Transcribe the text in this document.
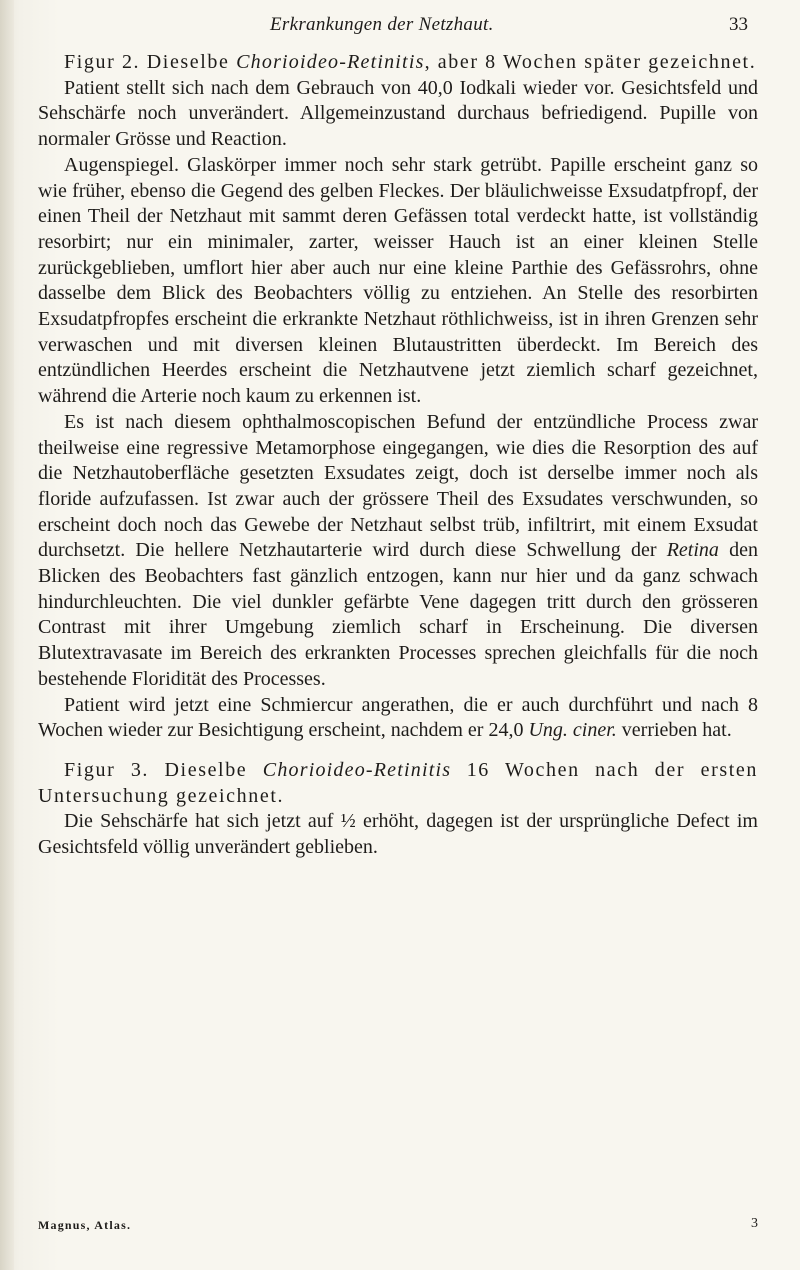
Erkrankungen der Netzhaut.	33

Figur 2. Dieselbe Chorioideo-Retinitis, aber 8 Wochen später gezeichnet.

Patient stellt sich nach dem Gebrauch von 40,0 Iodkali wieder vor. Gesichtsfeld und Sehschärfe noch unverändert. Allgemeinzustand durchaus befriedigend. Pupille von normaler Grösse und Reaction.

Augenspiegel. Glaskörper immer noch sehr stark getrübt. Papille erscheint ganz so wie früher, ebenso die Gegend des gelben Fleckes. Der bläulichweisse Exsudatpfropf, der einen Theil der Netzhaut mit sammt deren Gefässen total verdeckt hatte, ist vollständig resorbirt; nur ein minimaler, zarter, weisser Hauch ist an einer kleinen Stelle zurückgeblieben, umflort hier aber auch nur eine kleine Parthie des Gefässrohrs, ohne dasselbe dem Blick des Beobachters völlig zu entziehen. An Stelle des resorbirten Exsudatpfropfes erscheint die erkrankte Netzhaut röthlichweiss, ist in ihren Grenzen sehr verwaschen und mit diversen kleinen Blutaustritten überdeckt. Im Bereich des entzündlichen Heerdes erscheint die Netzhautvene jetzt ziemlich scharf gezeichnet, während die Arterie noch kaum zu erkennen ist.

Es ist nach diesem ophthalmoscopischen Befund der entzündliche Process zwar theilweise eine regressive Metamorphose eingegangen, wie dies die Resorption des auf die Netzhautoberfläche gesetzten Exsudates zeigt, doch ist derselbe immer noch als floride aufzufassen. Ist zwar auch der grössere Theil des Exsudates verschwunden, so erscheint doch noch das Gewebe der Netzhaut selbst trüb, infiltrirt, mit einem Exsudat durchsetzt. Die hellere Netzhautarterie wird durch diese Schwellung der Retina den Blicken des Beobachters fast gänzlich entzogen, kann nur hier und da ganz schwach hindurchleuchten. Die viel dunkler gefärbte Vene dagegen tritt durch den grösseren Contrast mit ihrer Umgebung ziemlich scharf in Erscheinung. Die diversen Blutextravasate im Bereich des erkrankten Processes sprechen gleichfalls für die noch bestehende Floridität des Processes.

Patient wird jetzt eine Schmiercur angerathen, die er auch durchführt und nach 8 Wochen wieder zur Besichtigung erscheint, nachdem er 24,0 Ung. ciner. verrieben hat.

Figur 3. Dieselbe Chorioideo-Retinitis 16 Wochen nach der ersten Untersuchung gezeichnet.

Die Sehschärfe hat sich jetzt auf ½ erhöht, dagegen ist der ursprüngliche Defect im Gesichtsfeld völlig unverändert geblieben.

Magnus, Atlas.	3
